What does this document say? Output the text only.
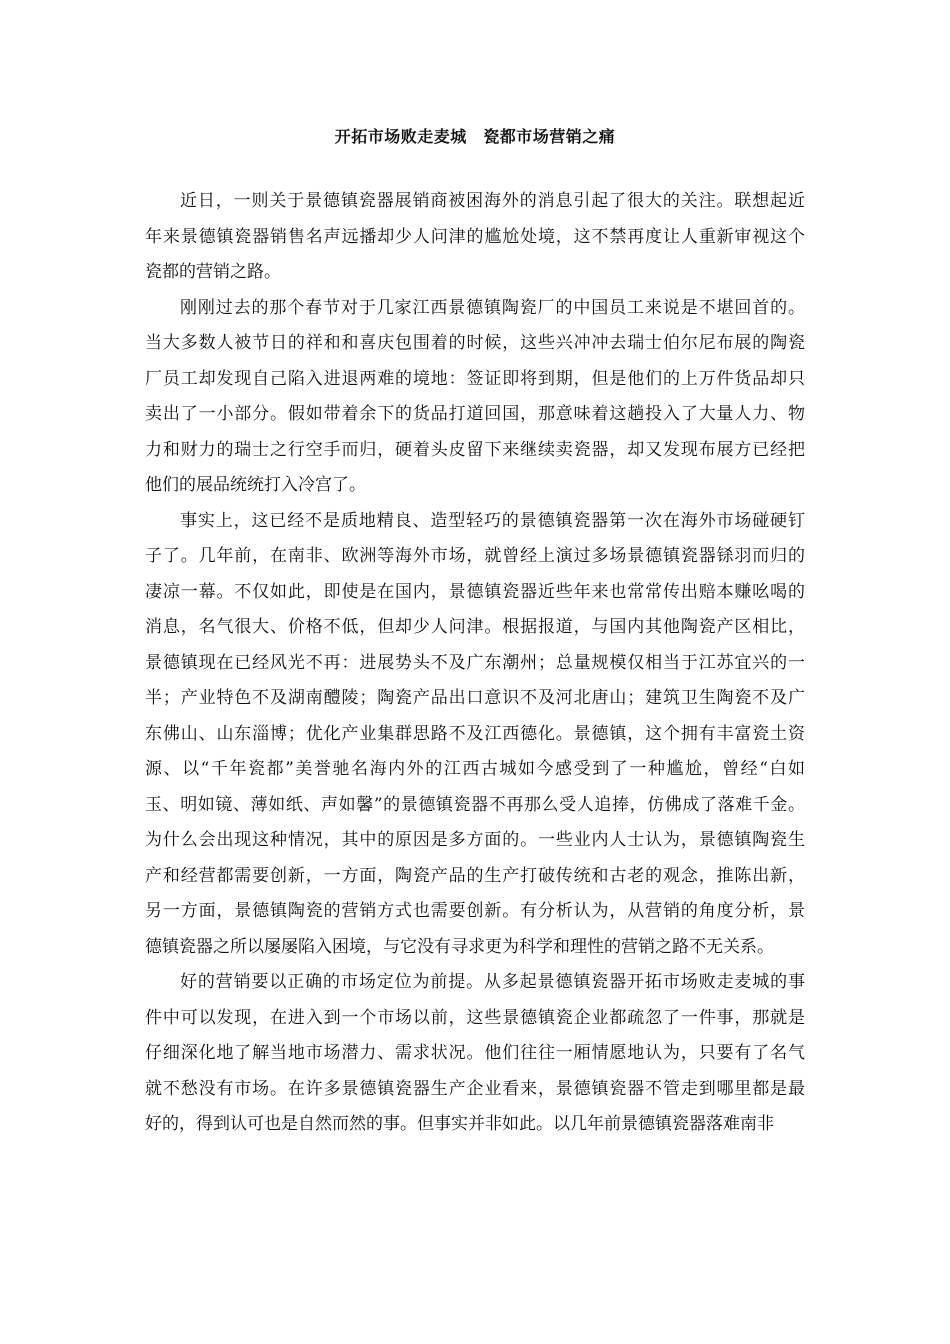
开拓市场败走麦城　瓷都市场营销之痛
近日，一则关于景德镇瓷器展销商被困海外的消息引起了很大的关注。联想起近
年来景德镇瓷器销售名声远播却少人问津的尴尬处境，这不禁再度让人重新审视这个
瓷都的营销之路。
刚刚过去的那个春节对于几家江西景德镇陶瓷厂的中国员工来说是不堪回首的。
当大多数人被节日的祥和和喜庆包围着的时候，这些兴冲冲去瑞士伯尔尼布展的陶瓷
厂员工却发现自己陷入进退两难的境地：签证即将到期，但是他们的上万件货品却只
卖出了一小部分。假如带着余下的货品打道回国，那意味着这趟投入了大量人力、物
力和财力的瑞士之行空手而归，硬着头皮留下来继续卖瓷器，却又发现布展方已经把
他们的展品统统打入冷宫了。
事实上，这已经不是质地精良、造型轻巧的景德镇瓷器第一次在海外市场碰硬钉
子了。几年前，在南非、欧洲等海外市场，就曾经上演过多场景德镇瓷器铩羽而归的
凄凉一幕。不仅如此，即使是在国内，景德镇瓷器近些年来也常常传出赔本赚吆喝的
消息，名气很大、价格不低，但却少人问津。根据报道，与国内其他陶瓷产区相比，
景德镇现在已经风光不再：进展势头不及广东潮州；总量规模仅相当于江苏宜兴的一
半；产业特色不及湖南醴陵；陶瓷产品出口意识不及河北唐山；建筑卫生陶瓷不及广
东佛山、山东淄博；优化产业集群思路不及江西德化。景德镇，这个拥有丰富瓷土资
源、以“千年瓷都”美誉驰名海内外的江西古城如今感受到了一种尴尬，曾经“白如
玉、明如镜、薄如纸、声如馨”的景德镇瓷器不再那么受人追捧，仿佛成了落难千金。
为什么会出现这种情况，其中的原因是多方面的。一些业内人士认为，景德镇陶瓷生
产和经营都需要创新，一方面，陶瓷产品的生产打破传统和古老的观念，推陈出新，
另一方面，景德镇陶瓷的营销方式也需要创新。有分析认为，从营销的角度分析，景
德镇瓷器之所以屡屡陷入困境，与它没有寻求更为科学和理性的营销之路不无关系。
好的营销要以正确的市场定位为前提。从多起景德镇瓷器开拓市场败走麦城的事
件中可以发现，在进入到一个市场以前，这些景德镇瓷企业都疏忽了一件事，那就是
仔细深化地了解当地市场潜力、需求状况。他们往往一厢情愿地认为，只要有了名气
就不愁没有市场。在许多景德镇瓷器生产企业看来，景德镇瓷器不管走到哪里都是最
好的，得到认可也是自然而然的事。但事实并非如此。以几年前景德镇瓷器落难南非
